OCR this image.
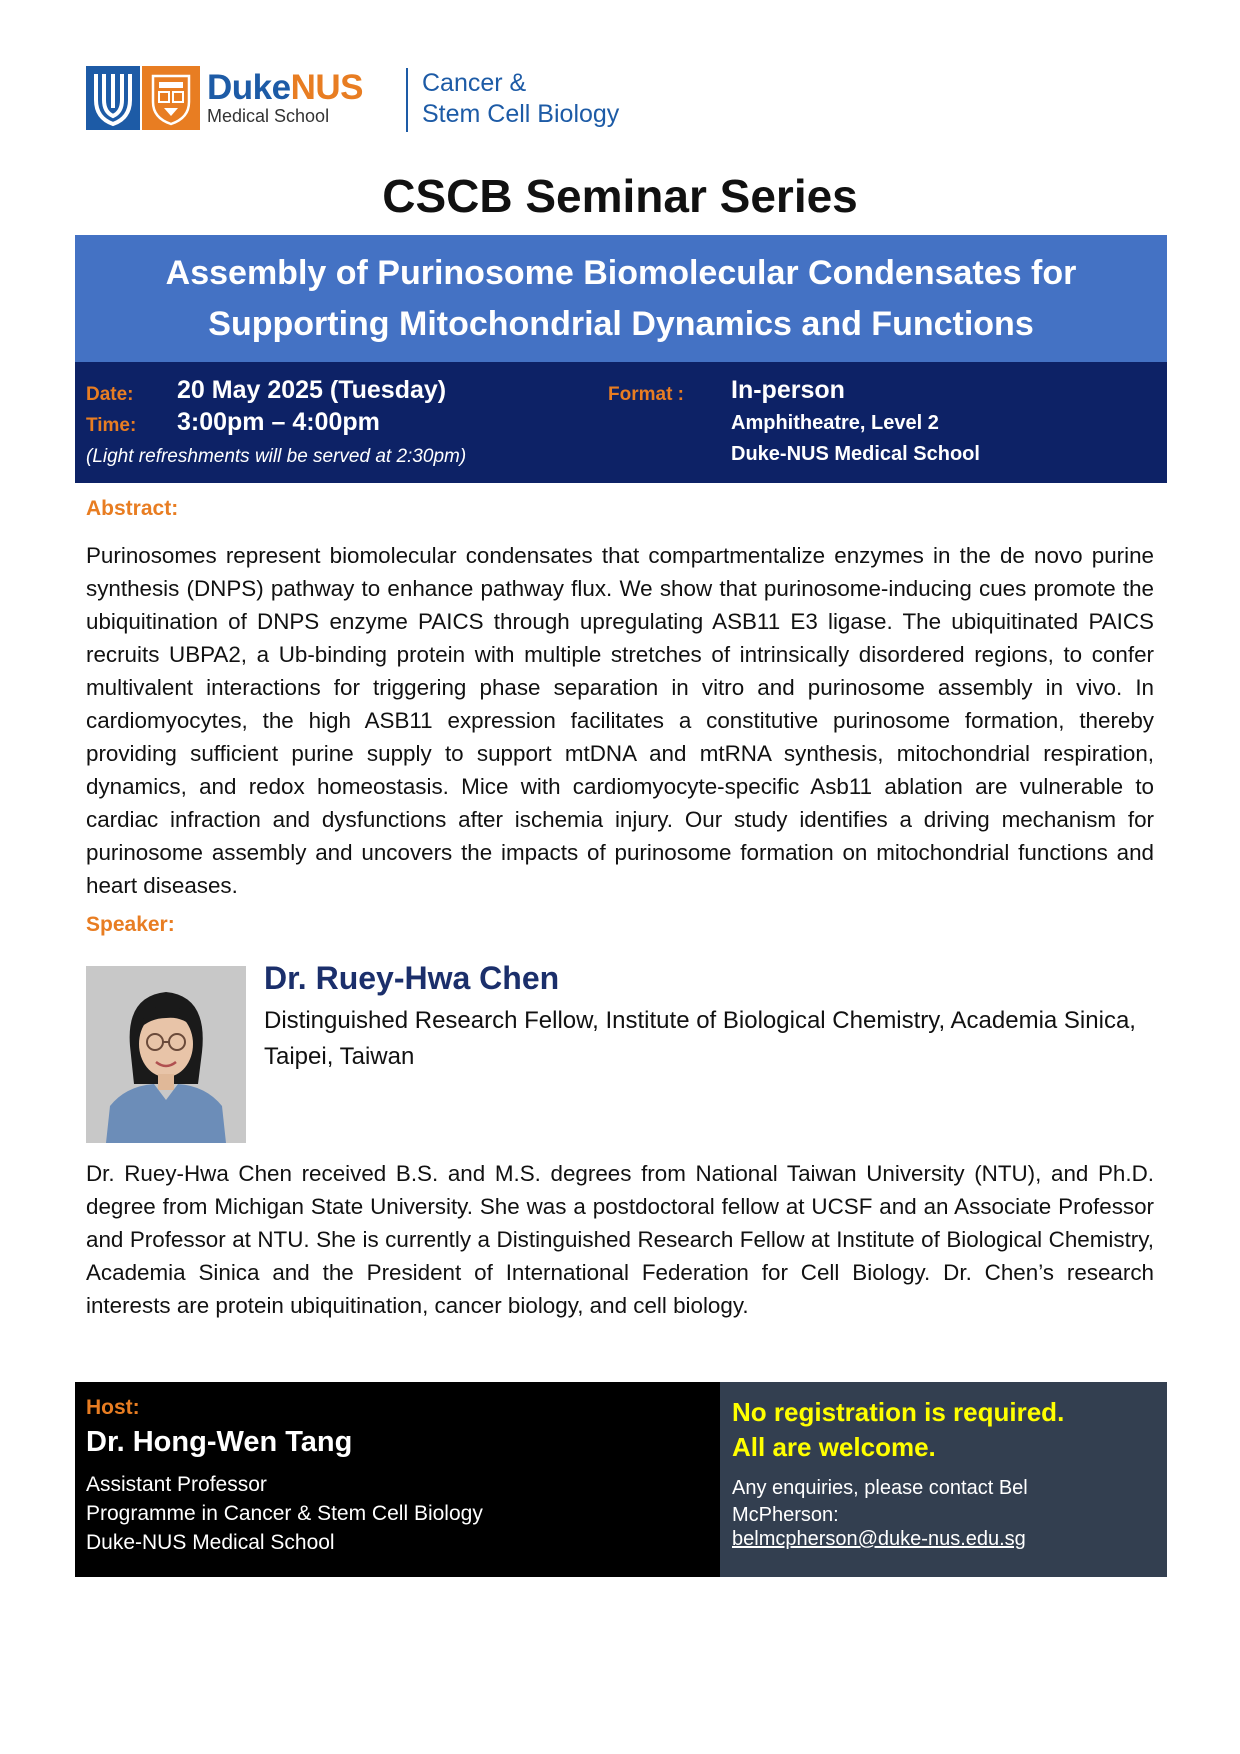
DukeNUS
Medical School
Cancer &
Stem Cell Biology
CSCB Seminar Series
Assembly of Purinosome Biomolecular Condensates for
Supporting Mitochondrial Dynamics and Functions
Date: 20 May 2025 (Tuesday)
Time: 3:00pm – 4:00pm
(Light refreshments will be served at 2:30pm)
Format : In-person
Amphitheatre, Level 2
Duke-NUS Medical School
Abstract:
Purinosomes represent biomolecular condensates that compartmentalize enzymes in the de novo purine synthesis (DNPS) pathway to enhance pathway flux. We show that purinosome-inducing cues promote the ubiquitination of DNPS enzyme PAICS through upregulating ASB11 E3 ligase. The ubiquitinated PAICS recruits UBPA2, a Ub-binding protein with multiple stretches of intrinsically disordered regions, to confer multivalent interactions for triggering phase separation in vitro and purinosome assembly in vivo. In cardiomyocytes, the high ASB11 expression facilitates a constitutive purinosome formation, thereby providing sufficient purine supply to support mtDNA and mtRNA synthesis, mitochondrial respiration, dynamics, and redox homeostasis. Mice with cardiomyocyte-specific Asb11 ablation are vulnerable to cardiac infraction and dysfunctions after ischemia injury. Our study identifies a driving mechanism for purinosome assembly and uncovers the impacts of purinosome formation on mitochondrial functions and heart diseases.
Speaker:
Dr. Ruey-Hwa Chen
Distinguished Research Fellow, Institute of Biological Chemistry, Academia Sinica, Taipei, Taiwan
Dr. Ruey-Hwa Chen received B.S. and M.S. degrees from National Taiwan University (NTU), and Ph.D. degree from Michigan State University. She was a postdoctoral fellow at UCSF and an Associate Professor and Professor at NTU. She is currently a Distinguished Research Fellow at Institute of Biological Chemistry, Academia Sinica and the President of International Federation for Cell Biology. Dr. Chen’s research interests are protein ubiquitination, cancer biology, and cell biology.
Host:
Dr. Hong-Wen Tang
Assistant Professor
Programme in Cancer & Stem Cell Biology
Duke-NUS Medical School
No registration is required.
All are welcome.
Any enquiries, please contact Bel McPherson:
belmcpherson@duke-nus.edu.sg
